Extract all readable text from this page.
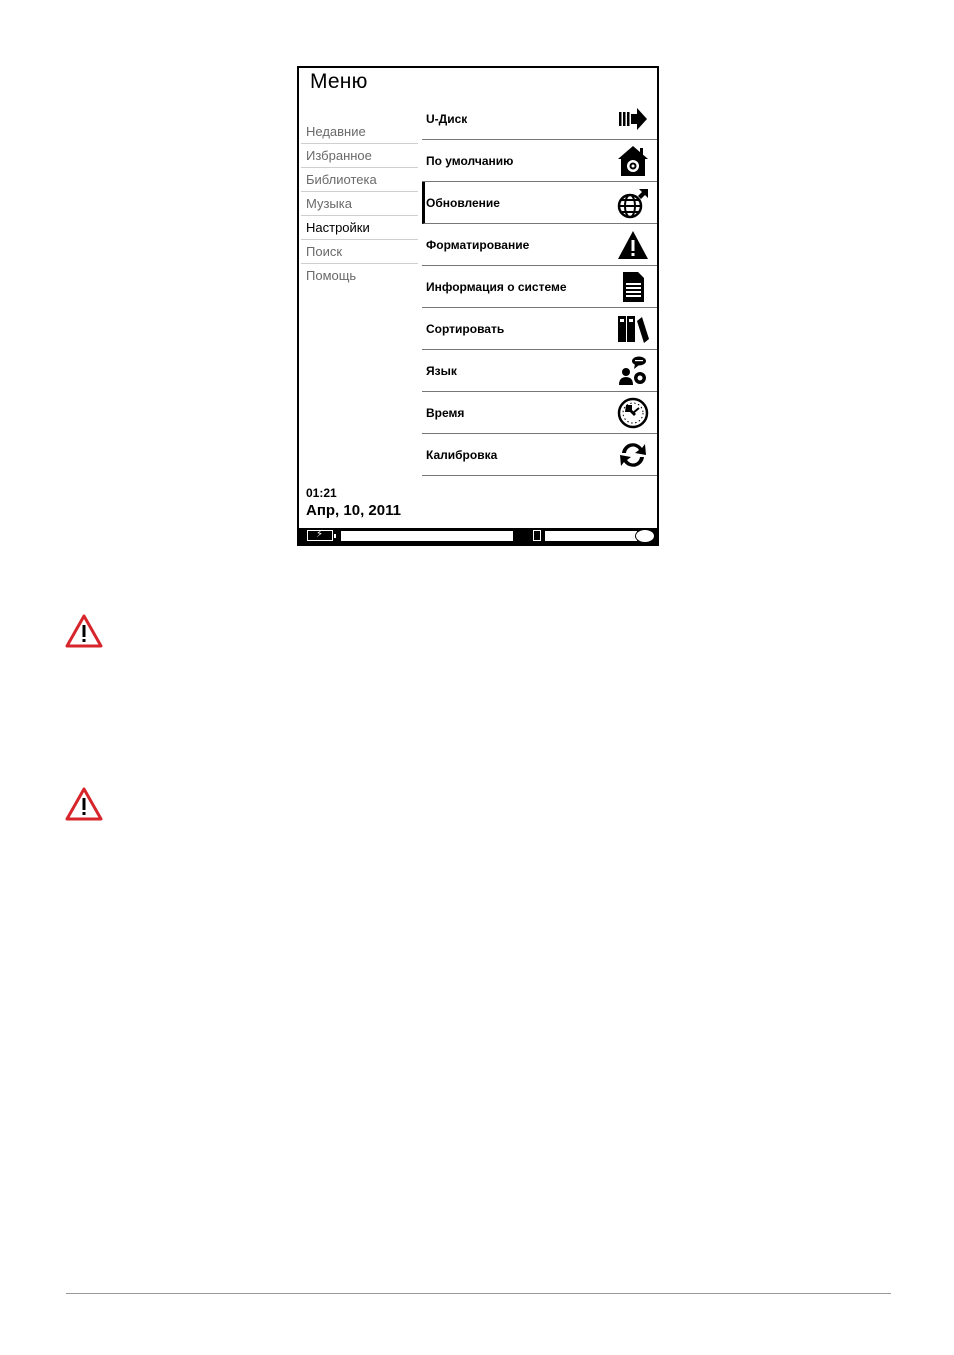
Меню
Недавние
Избранное
Библиотека
Музыка
Настройки
Поиск
Помощь
01:21
Апр, 10, 2011
U-Диск
По умолчанию
Обновление
Форматирование
Информация о системе
Сортировать
Язык
Время
Калибровка
⚡
